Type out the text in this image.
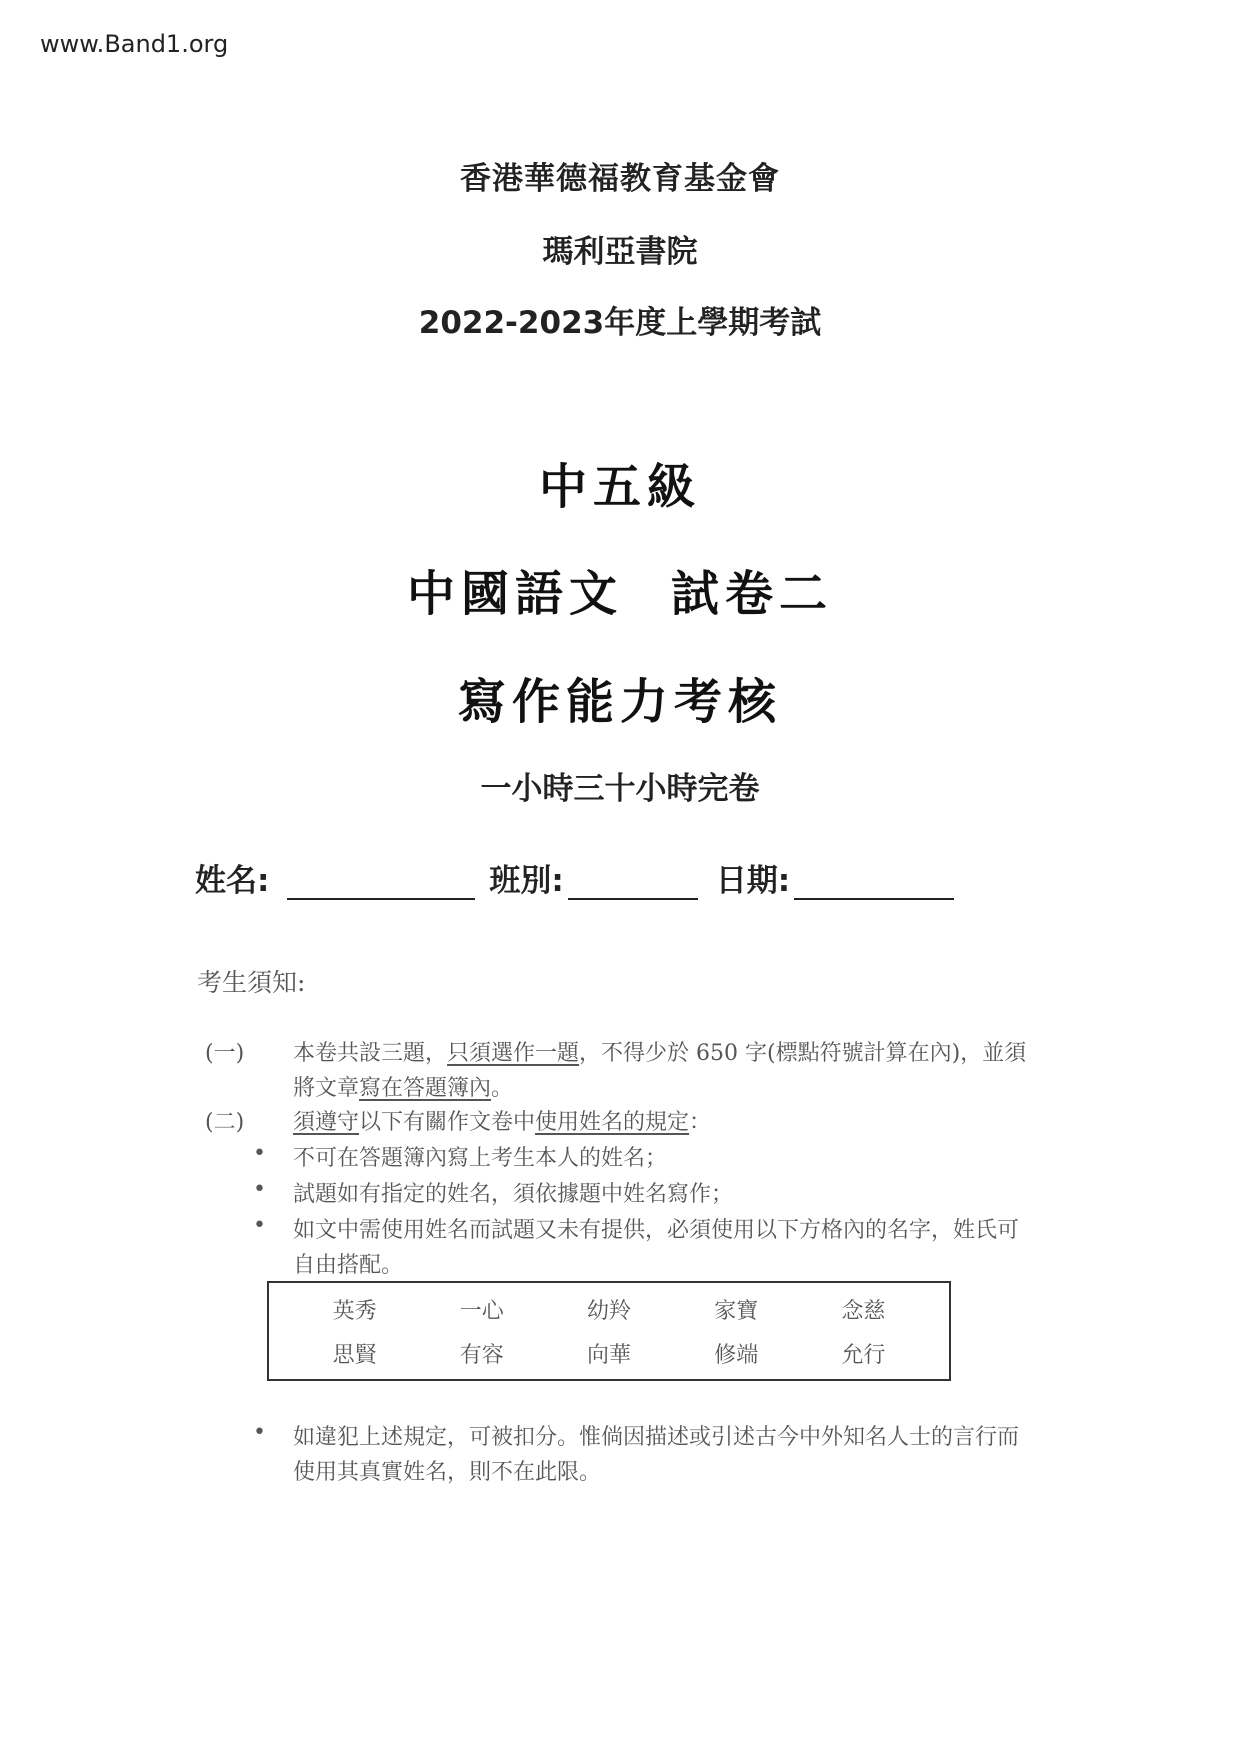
www.Band1.org
香港華德福教育基金會
瑪利亞書院
2022-2023年度上學期考試
中五級
中國語文 試卷二
寫作能力考核
一小時三十小時完卷
姓名:	班別:	日期:
考生須知:
(一) 本卷共設三題，只須選作一題，不得少於 650 字(標點符號計算在內)，並須將文章寫在答題簿內。
(二) 須遵守以下有關作文卷中使用姓名的規定：
• 不可在答題簿內寫上考生本人的姓名；
• 試題如有指定的姓名，須依據題中姓名寫作；
• 如文中需使用姓名而試題又未有提供，必須使用以下方格內的名字，姓氏可自由搭配。
英秀	一心	幼羚	家寶	念慈
思賢	有容	向華	修端	允行
• 如違犯上述規定，可被扣分。惟倘因描述或引述古今中外知名人士的言行而使用其真實姓名，則不在此限。
